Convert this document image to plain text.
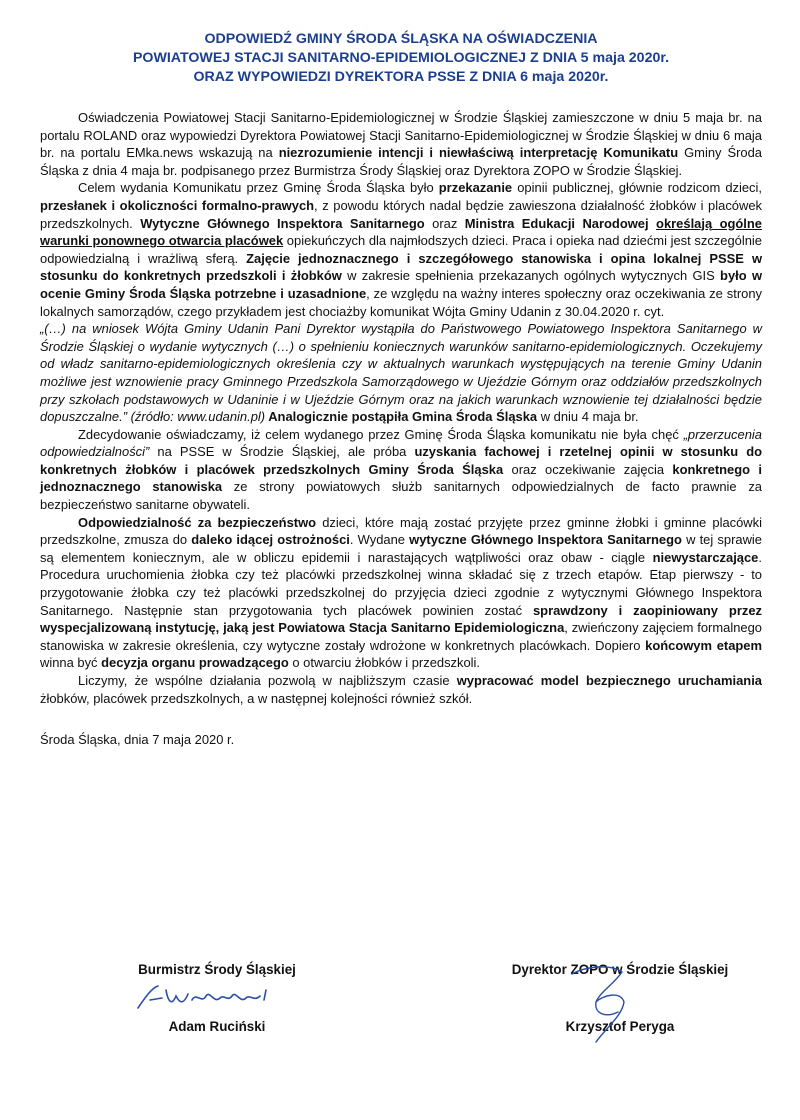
ODPOWIEDŹ GMINY ŚRODA ŚLĄSKA NA OŚWIADCZENIA
POWIATOWEJ STACJI SANITARNO-EPIDEMIOLOGICZNEJ Z DNIA 5 maja 2020r.
ORAZ WYPOWIEDZI DYREKTORA PSSE Z DNIA 6 maja 2020r.

Oświadczenia Powiatowej Stacji Sanitarno-Epidemiologicznej w Środzie Śląskiej zamieszczone w dniu 5 maja br. na portalu ROLAND oraz wypowiedzi Dyrektora Powiatowej Stacji Sanitarno-Epidemiologicznej w Środzie Śląskiej w dniu 6 maja br. na portalu EMka.news wskazują na niezrozumienie intencji i niewłaściwą interpretację Komunikatu Gminy Środa Śląska z dnia 4 maja br. podpisanego przez Burmistrza Środy Śląskiej oraz Dyrektora ZOPO w Środzie Śląskiej.

Celem wydania Komunikatu przez Gminę Środa Śląska było przekazanie opinii publicznej, głównie rodzicom dzieci, przesłanek i okoliczności formalno-prawych, z powodu których nadal będzie zawieszona działalność żłobków i placówek przedszkolnych. Wytyczne Głównego Inspektora Sanitarnego oraz Ministra Edukacji Narodowej określają ogólne warunki ponownego otwarcia placówek opiekuńczych dla najmłodszych dzieci. Praca i opieka nad dziećmi jest szczególnie odpowiedzialną i wrażliwą sferą. Zajęcie jednoznacznego i szczegółowego stanowiska i opina lokalnej PSSE w stosunku do konkretnych przedszkoli i żłobków w zakresie spełnienia przekazanych ogólnych wytycznych GIS było w ocenie Gminy Środa Śląska potrzebne i uzasadnione, ze względu na ważny interes społeczny oraz oczekiwania ze strony lokalnych samorządów, czego przykładem jest chociażby komunikat Wójta Gminy Udanin z 30.04.2020 r. cyt.

„(…) na wniosek Wójta Gminy Udanin Pani Dyrektor wystąpiła do Państwowego Powiatowego Inspektora Sanitarnego w Środzie Śląskiej o wydanie wytycznych (…) o spełnieniu koniecznych warunków sanitarno-epidemiologicznych. Oczekujemy od władz sanitarno-epidemiologicznych określenia czy w aktualnych warunkach występujących na terenie Gminy Udanin możliwe jest wznowienie pracy Gminnego Przedszkola Samorządowego w Ujeździe Górnym oraz oddziałów przedszkolnych przy szkołach podstawowych w Udaninie i w Ujeździe Górnym oraz na jakich warunkach wznowienie tej działalności będzie dopuszczalne.” (źródło: www.udanin.pl) Analogicznie postąpiła Gmina Środa Śląska w dniu 4 maja br.

Zdecydowanie oświadczamy, iż celem wydanego przez Gminę Środa Śląska komunikatu nie była chęć „przerzucenia odpowiedzialności” na PSSE w Środzie Śląskiej, ale próba uzyskania fachowej i rzetelnej opinii w stosunku do konkretnych żłobków i placówek przedszkolnych Gminy Środa Śląska oraz oczekiwanie zajęcia konkretnego i jednoznacznego stanowiska ze strony powiatowych służb sanitarnych odpowiedzialnych de facto prawnie za bezpieczeństwo sanitarne obywateli.

Odpowiedzialność za bezpieczeństwo dzieci, które mają zostać przyjęte przez gminne żłobki i gminne placówki przedszkolne, zmusza do daleko idącej ostrożności. Wydane wytyczne Głównego Inspektora Sanitarnego w tej sprawie są elementem koniecznym, ale w obliczu epidemii i narastających wątpliwości oraz obaw - ciągle niewystarczające. Procedura uruchomienia żłobka czy też placówki przedszkolnej winna składać się z trzech etapów. Etap pierwszy - to przygotowanie żłobka czy też placówki przedszkolnej do przyjęcia dzieci zgodnie z wytycznymi Głównego Inspektora Sanitarnego. Następnie stan przygotowania tych placówek powinien zostać sprawdzony i zaopiniowany przez wyspecjalizowaną instytucję, jaką jest Powiatowa Stacja Sanitarno Epidemiologiczna, zwieńczony zajęciem formalnego stanowiska w zakresie określenia, czy wytyczne zostały wdrożone w konkretnych placówkach. Dopiero końcowym etapem winna być decyzja organu prowadzącego o otwarciu żłobków i przedszkoli.

Liczymy, że wspólne działania pozwolą w najbliższym czasie wypracować model bezpiecznego uruchamiania żłobków, placówek przedszkolnych, a w następnej kolejności również szkół.

Środa Śląska, dnia 7 maja 2020 r.
Burmistrz Środy Śląskiej
Adam Ruciński
Dyrektor ZOPO w Środzie Śląskiej
Krzysztof Peryga
